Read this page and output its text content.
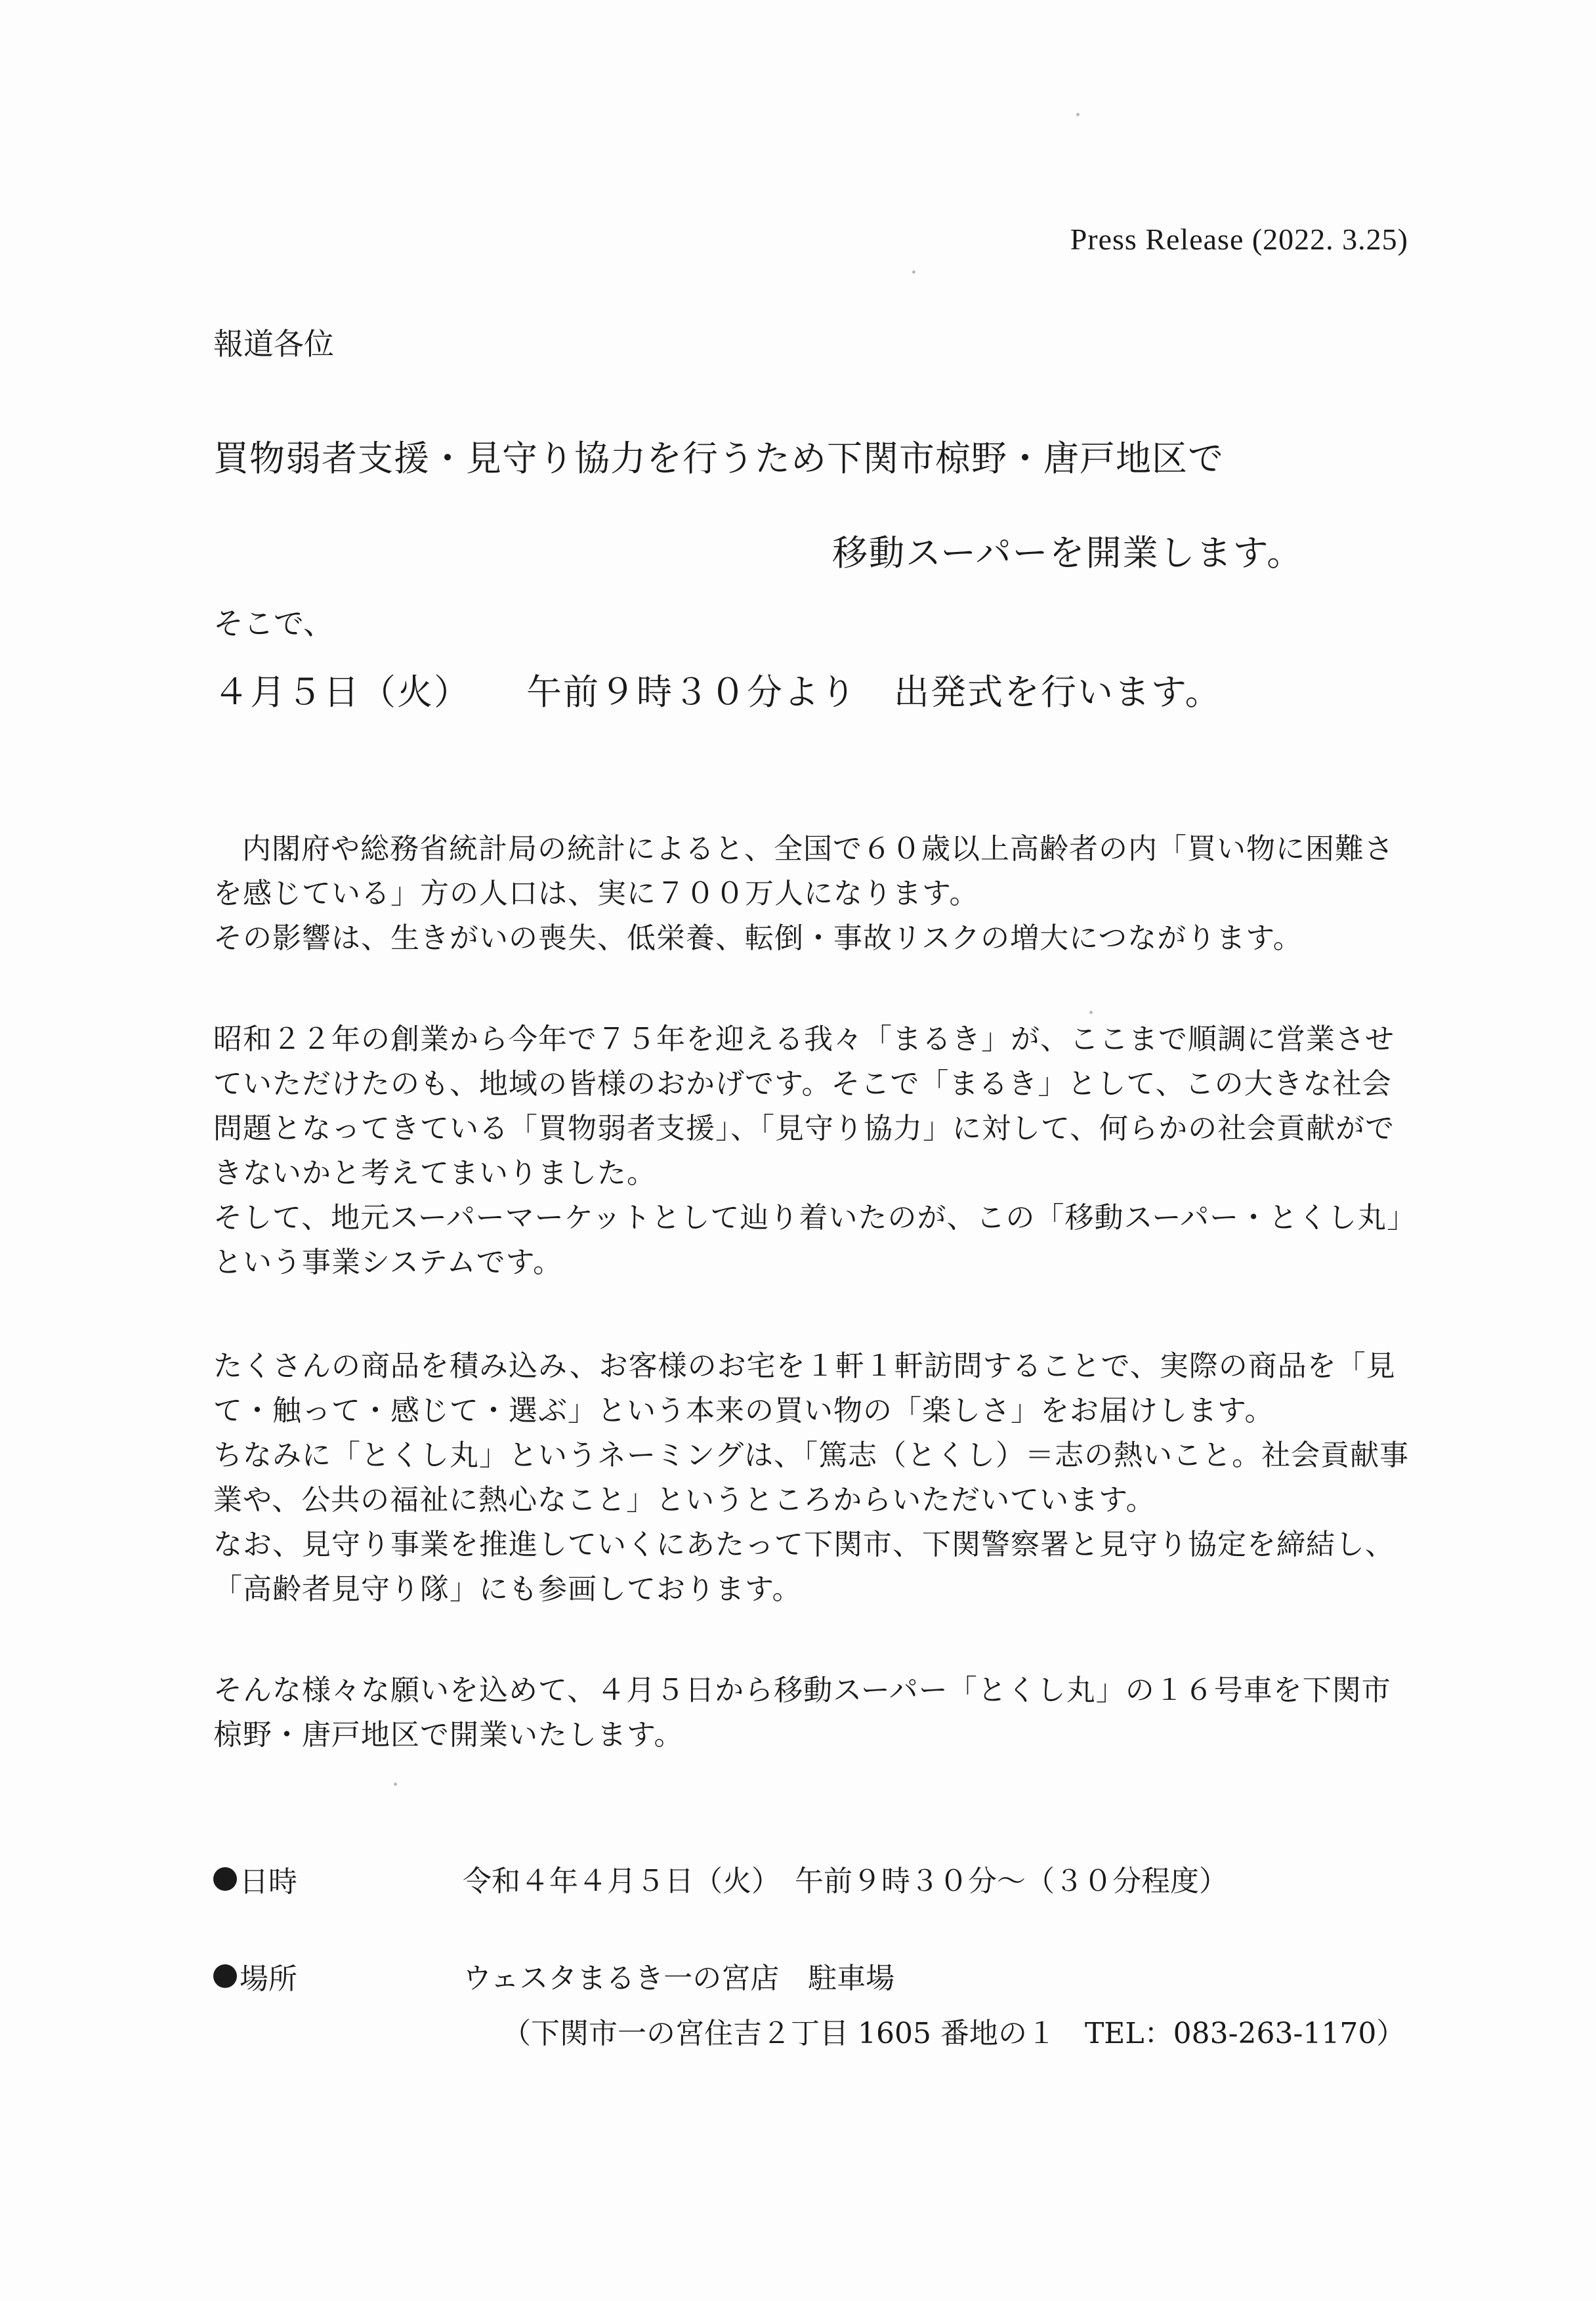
Press Release (2022. 3.25)
報道各位
買物弱者支援・見守り協力を行うため下関市椋野・唐戸地区で
移動スーパーを開業します。
そこで、
４月５日（火）　　午前９時３０分より　出発式を行います。

内閣府や総務省統計局の統計によると、全国で６０歳以上高齢者の内「買い物に困難さを感じている」方の人口は、実に７００万人になります。

その影響は、生きがいの喪失、低栄養、転倒・事故リスクの増大につながります。

昭和２２年の創業から今年で７５年を迎える我々「まるき」が、ここまで順調に営業させていただけたのも、地域の皆様のおかげです。そこで「まるき」として、この大きな社会問題となってきている「買物弱者支援」、「見守り協力」に対して、何らかの社会貢献ができないかと考えてまいりました。

そして、地元スーパーマーケットとして辿り着いたのが、この「移動スーパー・とくし丸」という事業システムです。

たくさんの商品を積み込み、お客様のお宅を１軒１軒訪問することで、実際の商品を「見て・触って・感じて・選ぶ」という本来の買い物の「楽しさ」をお届けします。

ちなみに「とくし丸」というネーミングは、「篤志（とくし）＝志の熱いこと。社会貢献事業や、公共の福祉に熱心なこと」というところからいただいています。

なお、見守り事業を推進していくにあたって下関市、下関警察署と見守り協定を締結し、「高齢者見守り隊」にも参画しております。

そんな様々な願いを込めて、４月５日から移動スーパー「とくし丸」の１６号車を下関市椋野・唐戸地区で開業いたします。

日時	令和４年４月５日（火）　午前９時３０分～（３０分程度）
場所	ウェスタまるき一の宮店　駐車場
（下関市一の宮住吉２丁目 1605 番地の１　TEL：083-263-1170）
